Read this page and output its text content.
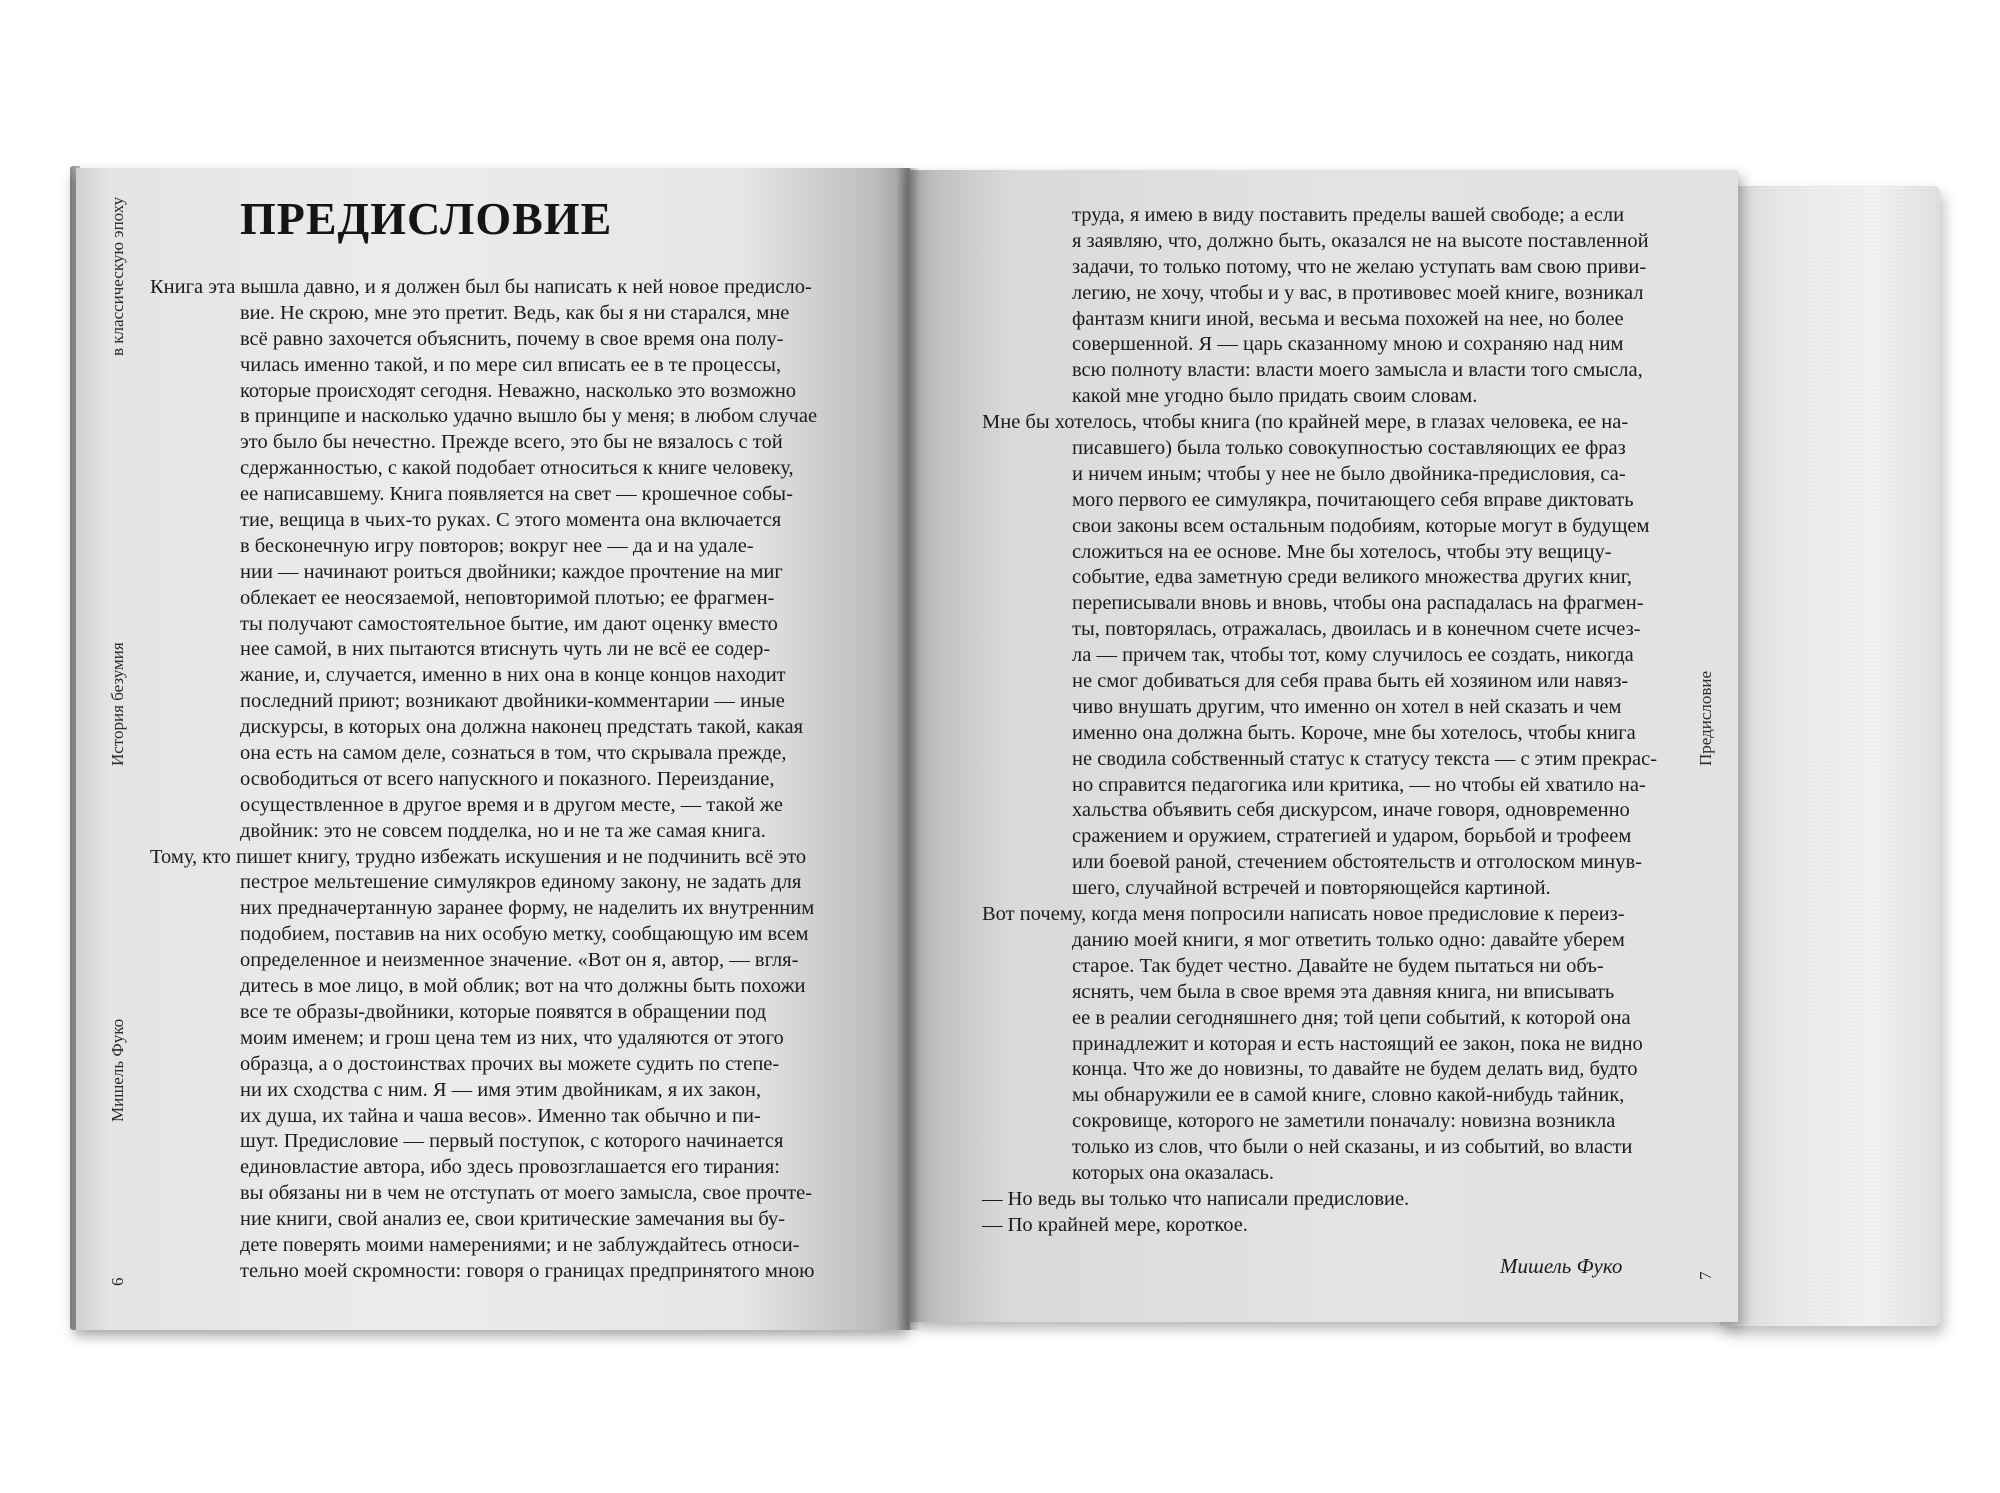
в классическую эпоху
История безумия
Мишель Фуко
6
ПРЕДИСЛОВИЕ
Книга эта вышла давно, и я должен был бы написать к ней новое предисло-
вие. Не скрою, мне это претит. Ведь, как бы я ни старался, мне
всё равно захочется объяснить, почему в свое время она полу-
чилась именно такой, и по мере сил вписать ее в те процессы,
которые происходят сегодня. Неважно, насколько это возможно
в принципе и насколько удачно вышло бы у меня; в любом случае
это было бы нечестно. Прежде всего, это бы не вязалось с той
сдержанностью, с какой подобает относиться к книге человеку,
ее написавшему. Книга появляется на свет — крошечное собы-
тие, вещица в чьих-то руках. С этого момента она включается
в бесконечную игру повторов; вокруг нее — да и на удале-
нии — начинают роиться двойники; каждое прочтение на миг
облекает ее неосязаемой, неповторимой плотью; ее фрагмен-
ты получают самостоятельное бытие, им дают оценку вместо
нее самой, в них пытаются втиснуть чуть ли не всё ее содер-
жание, и, случается, именно в них она в конце концов находит
последний приют; возникают двойники-комментарии — иные
дискурсы, в которых она должна наконец предстать такой, какая
она есть на самом деле, сознаться в том, что скрывала прежде,
освободиться от всего напускного и показного. Переиздание,
осуществленное в другое время и в другом месте, — такой же
двойник: это не совсем подделка, но и не та же самая книга.
Тому, кто пишет книгу, трудно избежать искушения и не подчинить всё это
пестрое мельтешение симулякров единому закону, не задать для
них предначертанную заранее форму, не наделить их внутренним
подобием, поставив на них особую метку, сообщающую им всем
определенное и неизменное значение. «Вот он я, автор, — вгля-
дитесь в мое лицо, в мой облик; вот на что должны быть похожи
все те образы-двойники, которые появятся в обращении под
моим именем; и грош цена тем из них, что удаляются от этого
образца, а о достоинствах прочих вы можете судить по степе-
ни их сходства с ним. Я — имя этим двойникам, я их закон,
их душа, их тайна и чаша весов». Именно так обычно и пи-
шут. Предисловие — первый поступок, с которого начинается
единовластие автора, ибо здесь провозглашается его тирания:
вы обязаны ни в чем не отступать от моего замысла, свое прочте-
ние книги, свой анализ ее, свои критические замечания вы бу-
дете поверять моими намерениями; и не заблуждайтесь относи-
тельно моей скромности: говоря о границах предпринятого мною
труда, я имею в виду поставить пределы вашей свободе; а если
я заявляю, что, должно быть, оказался не на высоте поставленной
задачи, то только потому, что не желаю уступать вам свою приви-
легию, не хочу, чтобы и у вас, в противовес моей книге, возникал
фантазм книги иной, весьма и весьма похожей на нее, но более
совершенной. Я — царь сказанному мною и сохраняю над ним
всю полноту власти: власти моего замысла и власти того смысла,
какой мне угодно было придать своим словам.
Мне бы хотелось, чтобы книга (по крайней мере, в глазах человека, ее на-
писавшего) была только совокупностью составляющих ее фраз
и ничем иным; чтобы у нее не было двойника-предисловия, са-
мого первого ее симулякра, почитающего себя вправе диктовать
свои законы всем остальным подобиям, которые могут в будущем
сложиться на ее основе. Мне бы хотелось, чтобы эту вещицу-
событие, едва заметную среди великого множества других книг,
переписывали вновь и вновь, чтобы она распадалась на фрагмен-
ты, повторялась, отражалась, двоилась и в конечном счете исчез-
ла — причем так, чтобы тот, кому случилось ее создать, никогда
не смог добиваться для себя права быть ей хозяином или навяз-
чиво внушать другим, что именно он хотел в ней сказать и чем
именно она должна быть. Короче, мне бы хотелось, чтобы книга
не сводила собственный статус к статусу текста — с этим прекрас-
но справится педагогика или критика, — но чтобы ей хватило на-
хальства объявить себя дискурсом, иначе говоря, одновременно
сражением и оружием, стратегией и ударом, борьбой и трофеем
или боевой раной, стечением обстоятельств и отголоском минув-
шего, случайной встречей и повторяющейся картиной.
Вот почему, когда меня попросили написать новое предисловие к переиз-
данию моей книги, я мог ответить только одно: давайте уберем
старое. Так будет честно. Давайте не будем пытаться ни объ-
яснять, чем была в свое время эта давняя книга, ни вписывать
ее в реалии сегодняшнего дня; той цепи событий, к которой она
принадлежит и которая и есть настоящий ее закон, пока не видно
конца. Что же до новизны, то давайте не будем делать вид, будто
мы обнаружили ее в самой книге, словно какой-нибудь тайник,
сокровище, которого не заметили поначалу: новизна возникла
только из слов, что были о ней сказаны, и из событий, во власти
которых она оказалась.
— Но ведь вы только что написали предисловие.
— По крайней мере, короткое.
Мишель Фуко
Предисловие
7
